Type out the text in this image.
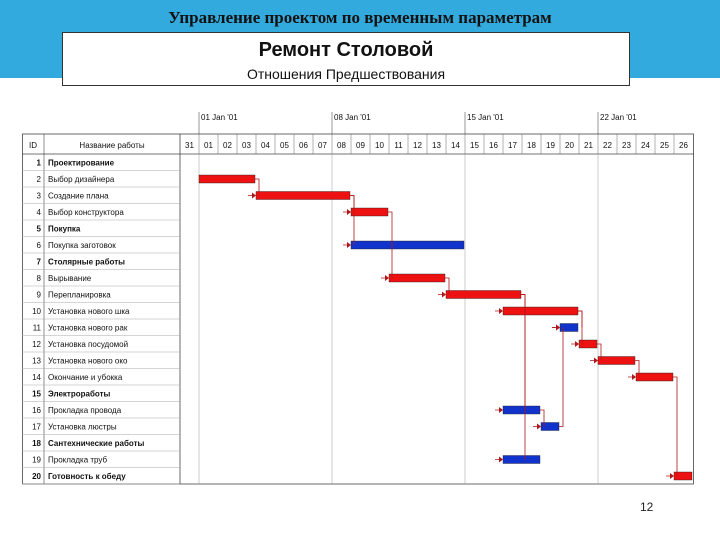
Управление проектом по временным параметрам
Ремонт Столовой
Отношения Предшествования
01 Jan '01	08 Jan '01	15 Jan '01	22 Jan '01
ID	Название работы	31 01 02 03 04 05 06 07 08 09 10 11 12 13 14 15 16 17 18 19 20 21 22 23 24 25 26
1 Проектирование
2 Выбор дизайнера
3 Создание плана
4 Выбор конструктора
5 Покупка
6 Покупка заготовок
7 Столярные работы
8 Вырывание
9 Перепланировка
10 Установка нового шка
11 Установка нового рак
12 Установка посудомой
13 Установка нового око
14 Окончание и убокка
15 Электроработы
16 Прокладка провода
17 Установка люстры
18 Сантехнические работы
19 Прокладка труб
20 Готовность к обеду
12
